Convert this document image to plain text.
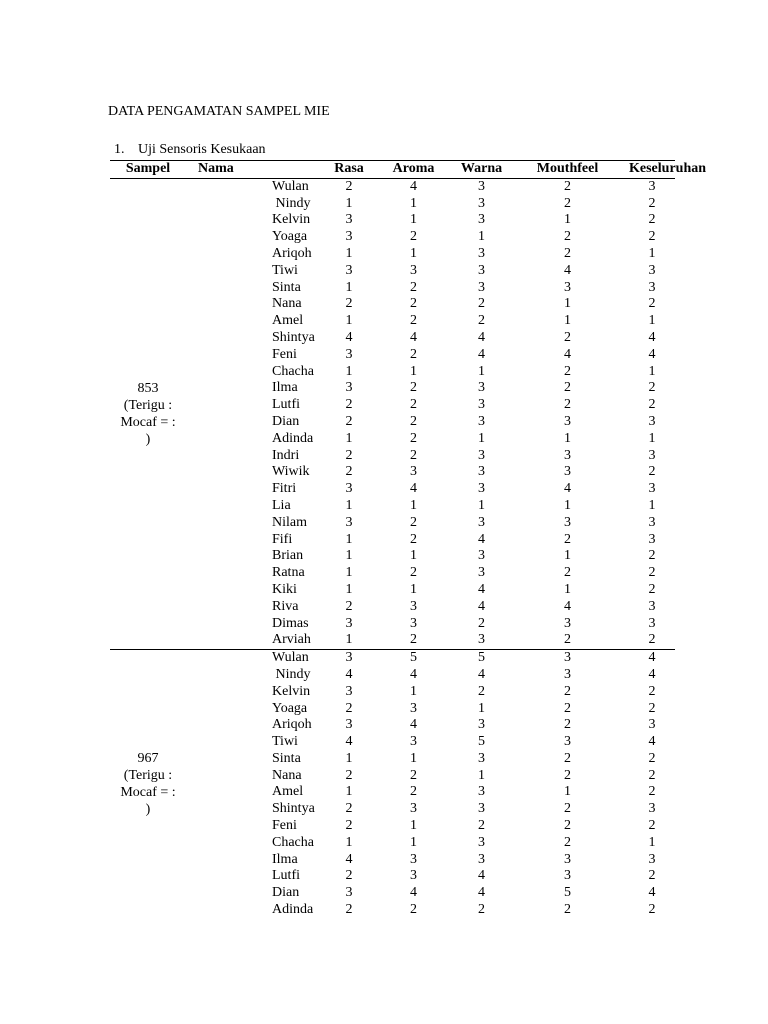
DATA PENGAMATAN SAMPEL MIE
1. Uji Sensoris Kesukaan
Sampel	Nama	Rasa	Aroma	Warna	Mouthfeel	Keseluruhan

853
(Terigu :
Mocaf = :
)	Wulan	2	4	3	2	3
	Nindy	1	1	3	2	2
	Kelvin	3	1	3	1	2
	Yoaga	3	2	1	2	2
	Ariqoh	1	1	3	2	1
	Tiwi	3	3	3	4	3
	Sinta	1	2	3	3	3
	Nana	2	2	2	1	2
	Amel	1	2	2	1	1
	Shintya	4	4	4	2	4
	Feni	3	2	4	4	4
	Chacha	1	1	1	2	1
	Ilma	3	2	3	2	2
	Lutfi	2	2	3	2	2
	Dian	2	2	3	3	3
	Adinda	1	2	1	1	1
	Indri	2	2	3	3	3
	Wiwik	2	3	3	3	2
	Fitri	3	4	3	4	3
	Lia	1	1	1	1	1
	Nilam	3	2	3	3	3
	Fifi	1	2	4	2	3
	Brian	1	1	3	1	2
	Ratna	1	2	3	2	2
	Kiki	1	1	4	1	2
	Riva	2	3	4	4	3
	Dimas	3	3	2	3	3
	Arviah	1	2	3	2	2

967
(Terigu :
Mocaf = :
)	Wulan	3	5	5	3	4
	Nindy	4	4	4	3	4
	Kelvin	3	1	2	2	2
	Yoaga	2	3	1	2	2
	Ariqoh	3	4	3	2	3
	Tiwi	4	3	5	3	4
	Sinta	1	1	3	2	2
	Nana	2	2	1	2	2
	Amel	1	2	3	1	2
	Shintya	2	3	3	2	3
	Feni	2	1	2	2	2
	Chacha	1	1	3	2	1
	Ilma	4	3	3	3	3
	Lutfi	2	3	4	3	2
	Dian	3	4	4	5	4
	Adinda	2	2	2	2	2
